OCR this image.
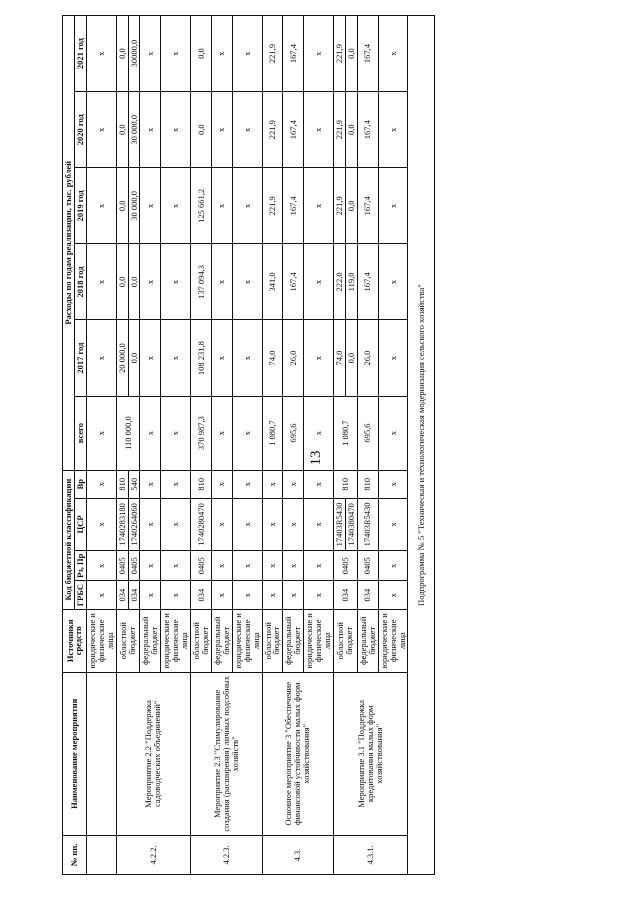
13
№ пп.	Наименование мероприятия	Источники средств	Код бюджетной классификации				Расходы по годам реализации, тыс. рублей					
			ГРБС	Рз, Пр	ЦСР	Вр	всего	2017 год	2018 год	2019 год	2020 год	2021 год
		юридические и физические лица	х	х	х	х	х	х	х	х	х	х
4.2.2.	Мероприятие 2.2 "Поддержка садоводческих объединений"	областной бюджет	034	0405	1740283180	810	110 000,0	20 000,0	0,0	0,0	0,0	0,0
			034	0405	1740264060	540		0,0	0,0	30 000,0	30 000,0	30000,0
		федеральный бюджет	х	х	х	х	х	х	х	х	х	х
		юридические и физические лица	х	х	х	х	х	х	х	х	х	х
4.2.3.	Мероприятие 2.3 "Стимулирование создания (расширения) личных подсобных хозяйств"	областной бюджет	034	0405	1740280470	810	370 987,3	108 231,8	137 094,3	125 661,2	0,0	0,0
		федеральный бюджет	х	х	х	х	х	х	х	х	х	х
		юридические и физические лица	х	х	х	х	х	х	х	х	х	х
4.3.	Основное мероприятие 3 "Обеспечение финансовой устойчивости малых форм хозяйствования"	областной бюджет	х	х	х	х	1 080,7	74,0	341,0	221,9	221,9	221,9
		федеральный бюджет	х	х	х	х	695,6	26,0	167,4	167,4	167,4	167,4
		юридические и физические лица	х	х	х	х	х	х	х	х	х	х
4.3.1.	Мероприятие 3.1 "Поддержка кредитования малых форм хозяйствования"	областной бюджет	034	0405	17403R5430	810	1 080,7	74,0	222,0	221,9	221,9	221,9
					1740380470			0,0	119,0	0,0	0,0	0,0
		федеральный бюджет	034	0405	17403R5430	810	695,6	26,0	167,4	167,4	167,4	167,4
		юридические и физические лица	х	х	х	х	х	х	х	х	х	х
Подпрограмма № 5 "Техническая и технологическая модернизация сельского хозяйства"												
